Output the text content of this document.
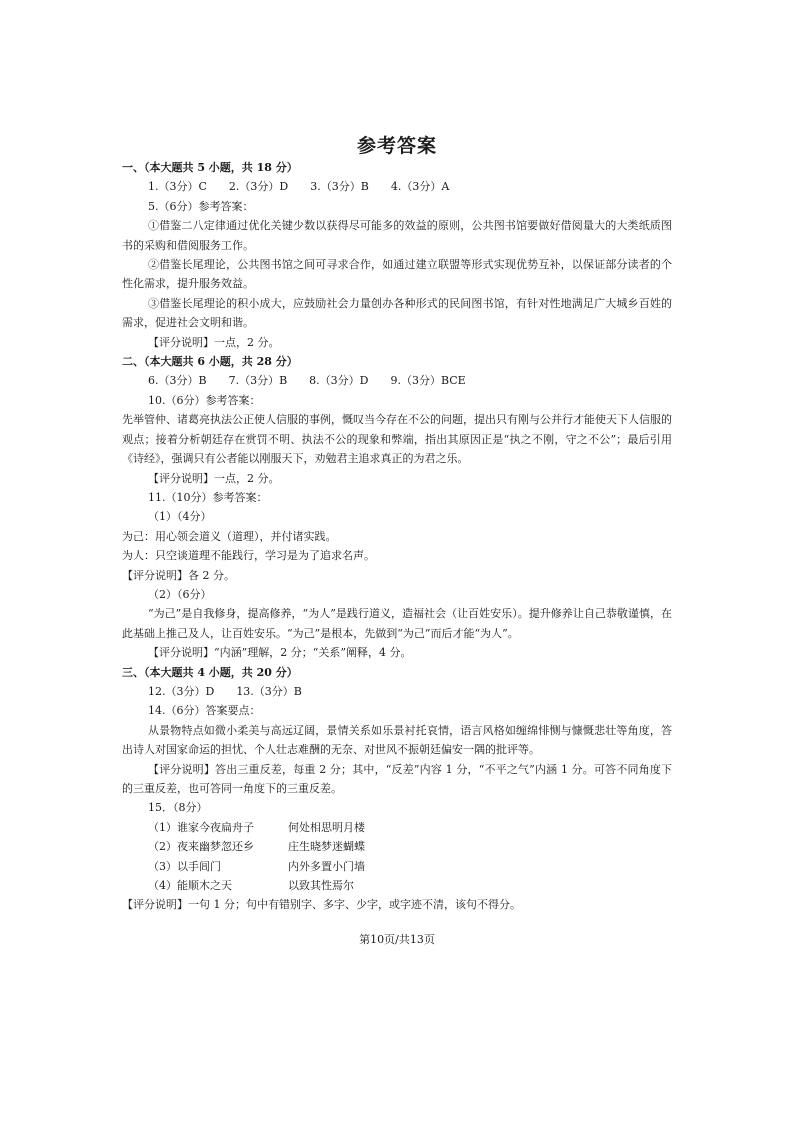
参考答案
一、（本大题共 5 小题，共 18 分）
1.（3分）C 2.（3分）D 3.（3分）B 4.（3分）A
5.（6分）参考答案：
①借鉴二八定律通过优化关键少数以获得尽可能多的效益的原则，公共图书馆要做好借阅量大的大类纸质图书的采购和借阅服务工作。
②借鉴长尾理论，公共图书馆之间可寻求合作，如通过建立联盟等形式实现优势互补，以保证部分读者的个性化需求，提升服务效益。
③借鉴长尾理论的积小成大，应鼓励社会力量创办各种形式的民间图书馆，有针对性地满足广大城乡百姓的需求，促进社会文明和谐。
【评分说明】一点，2 分。
二、（本大题共 6 小题，共 28 分）
6.（3分）B 7.（3分）B 8.（3分）D 9.（3分）BCE
10.（6分）参考答案：
先举管仲、诸葛亮执法公正使人信服的事例，慨叹当今存在不公的问题，提出只有刚与公并行才能使天下人信服的观点；接着分析朝廷存在赏罚不明、执法不公的现象和弊端，指出其原因正是“执之不刚，守之不公”；最后引用《诗经》，强调只有公者能以刚服天下，劝勉君主追求真正的为君之乐。
【评分说明】一点，2 分。
11.（10分）参考答案：
（1）（4分）
为己：用心领会道义（道理），并付诸实践。
为人：只空谈道理不能践行，学习是为了追求名声。
【评分说明】各 2 分。
（2）（6分）
“为己”是自我修身，提高修养，“为人”是践行道义，造福社会（让百姓安乐）。提升修养让自己恭敬谨慎，在此基础上推己及人，让百姓安乐。“为己”是根本，先做到“为己”而后才能“为人”。
【评分说明】“内涵”理解，2 分；“关系”阐释，4 分。
三、（本大题共 4 小题，共 20 分）
12.（3分）D 13.（3分）B
14.（6分）答案要点：
从景物特点如微小柔美与高远辽阔，景情关系如乐景衬托哀情，语言风格如缠绵悱恻与慷慨悲壮等角度，答出诗人对国家命运的担忧、个人壮志难酬的无奈、对世风不振朝廷偏安一隅的批评等。
【评分说明】答出三重反差，每重 2 分；其中，“反差”内容 1 分，“不平之气”内涵 1 分。可答不同角度下的三重反差，也可答同一角度下的三重反差。
15．（8分）
（1）谁家今夜扁舟子	何处相思明月楼
（2）夜来幽梦忽还乡	庄生晓梦迷蝴蝶
（3）以手闾门	内外多置小门墙
（4）能顺木之天	以致其性焉尔
【评分说明】一句 1 分；句中有错别字、多字、少字，或字迹不清，该句不得分。
第10页/共13页
